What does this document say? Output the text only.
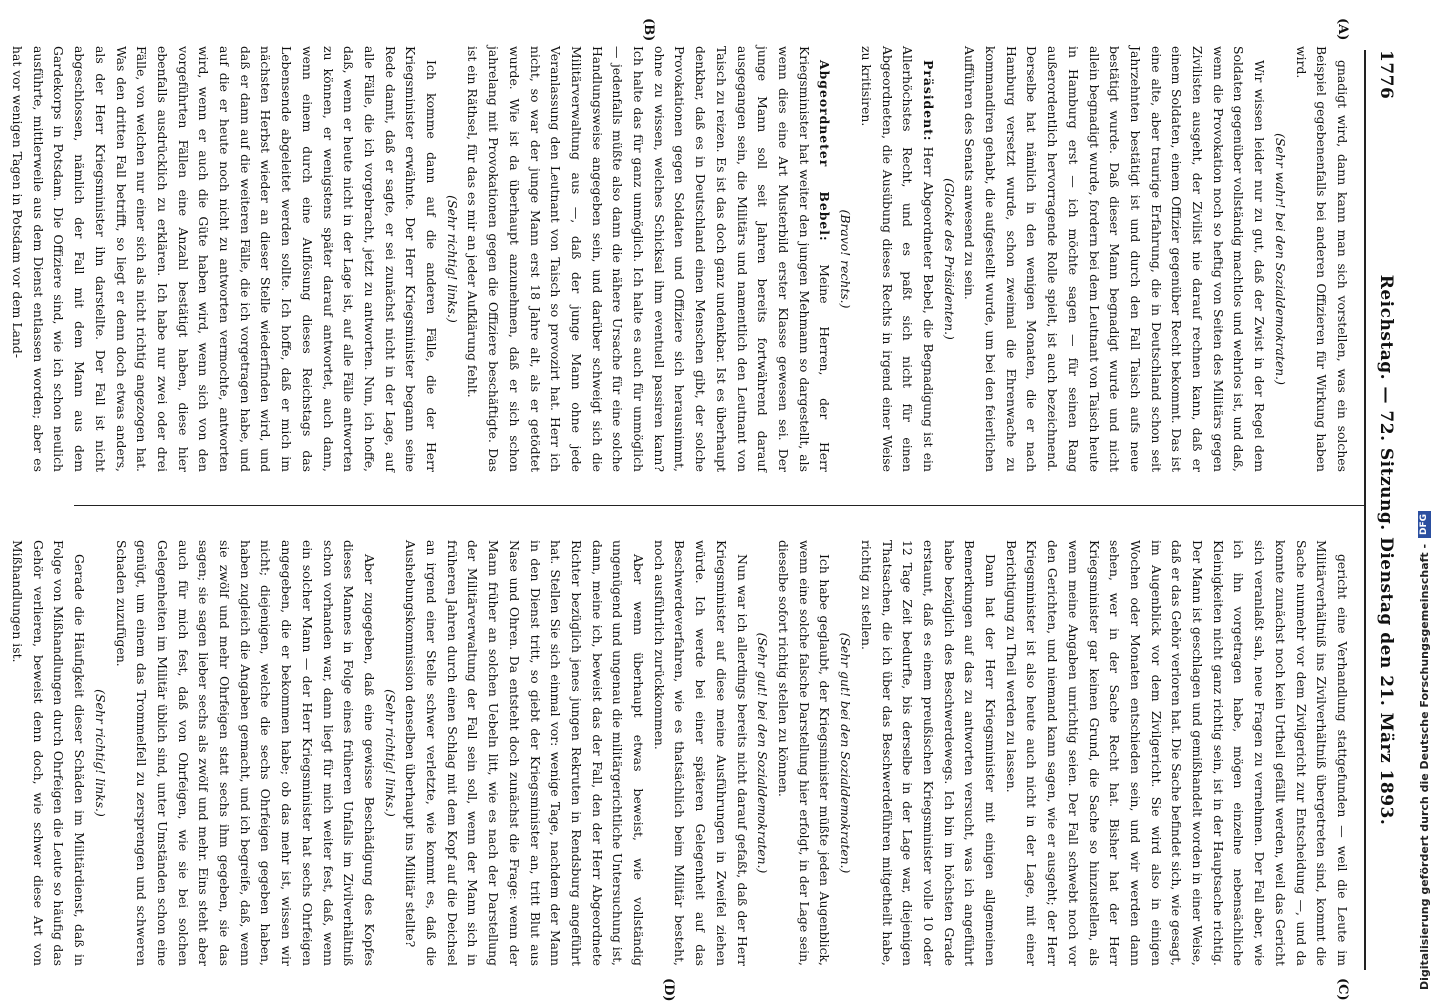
1776
Reichstag. — 72. Sitzung. Dienstag den 21. März 1893.
(A)
(B)
(C)
(D)

gnadigt wird, dann kann man sich vorstellen, was ein solches Beispiel gegebenenfalls bei anderen Offizieren für Wirkung haben wird.

(Sehr wahr! bei den Sozialdemokraten.)

Wir wissen leider nur zu gut, daß der Zwist in der Regel dem Soldaten gegenüber vollständig machtlos und wehrlos ist, und daß, wenn die Provokation noch so heftig von Seiten des Militärs gegen Zivilisten ausgeht, der Zivilist nie darauf rechnen kann, daß er einem Soldaten, einem Offizier gegenüber Recht bekommt. Das ist eine alte, aber traurige Erfahrung, die in Deutschland schon seit Jahrzehnten bestätigt ist und durch den Fall Taisch aufs neue bestätigt wurde. Daß dieser Mann begnadigt wurde und nicht allein begnadigt wurde, fordern bei dem Leutnant von Taisch heute in Hamburg erst — ich möchte sagen — für seinen Rang außerordentlich hervorragende Rolle spielt, ist auch bezeichnend. Derselbe hat nämlich in den wenigen Monaten, die er nach Hamburg versetzt wurde, schon zweimal die Ehrenwache zu kommandiren gehabt, die aufgestellt wurde, um bei den feierlichen Aufführen des Senats anwesend zu sein.

(Glocke des Präsidenten.)

Präsident: Herr Abgeordneter Bebel, die Begnadigung ist ein Allerhöchstes Recht, und es paßt sich nicht für einen Abgeordneten, die Ausübung dieses Rechts in irgend einer Weise zu kritisiren.

(Bravo! rechts.)

Abgeordneter Bebel: Meine Herren, der Herr Kriegsminister hat weiter den jungen Mehmann so dargestellt, als wenn dies eine Art Musterbild erster Klasse gewesen sei. Der junge Mann soll seit Jahren bereits fortwährend darauf ausgegangen sein, die Militärs und namentlich den Leutnant von Taisch zu reizen. Es ist das doch ganz undenkbar. Ist es überhaupt denkbar, daß es in Deutschland einen Menschen gibt, der solche Provokationen gegen Soldaten und Offiziere sich herausnimmt, ohne zu wissen, welches Schicksal ihm eventuell passiren kann? Ich halte das für ganz unmöglich. Ich halte es auch für unmöglich — jedenfalls müßte also dann die nähere Ursache für eine solche Handlungsweise angegeben sein, und darüber schweigt sich die Militärverwaltung aus —, daß der junge Mann ohne jede Veranlassung den Leutnant von Taisch so provozirt hat. Herr ich nicht, so war der junge Mann erst 18 Jahre alt, als er getödtet wurde. Wie ist da überhaupt anzunehmen, daß er sich schon jahrelang mit Provokationen gegen die Offiziere beschäftigte. Das ist ein Räthsel, für das es mir an jeder Aufklärung fehlt.

(Sehr richtig! links.)

Ich komme dann auf die anderen Fälle, die der Herr Kriegsminister erwähnte. Der Herr Kriegsminister begann seine Rede damit, daß er sagte, er sei zunächst nicht in der Lage, auf alle Fälle, die ich vorgebracht, jetzt zu antworten. Nun, ich hoffe, daß, wenn er heute nicht in der Lage ist, auf alle Fälle antworten zu können, er wenigstens später darauf antwortet, auch dann, wenn einem durch eine Auflösung dieses Reichstags das Lebensende abgeleitet werden sollte. Ich hoffe, daß er mich im nächsten Herbst wieder an dieser Stelle wiederfinden wird, und daß er dann auf die weiteren Fälle, die ich vorgetragen habe, und auf die er heute noch nicht zu antworten vermochte, antworten wird, wenn er auch die Güte haben wird, wenn sich von den vorgeführten Fällen eine Anzahl bestätigt haben, diese hier ebenfalls ausdrücklich zu erklären. Ich habe nur zwei oder drei Fälle, von welchen nur einer sich als nicht richtig angezogen hat. Was den dritten Fall betrifft, so liegt er denn doch etwas anders, als der Herr Kriegsminister ihn darstellte. Der Fall ist nicht abgeschlossen, nämlich der Fall mit dem Mann aus dem Gardekorps in Potsdam. Die Offiziere sind, wie ich schon neulich ausführte, mittlerweile aus dem Dienst entlassen worden; aber es hat vor wenigen Tagen in Potsdam vor dem Land-

gericht eine Verhandlung stattgefunden — weil die Leute im Militärverhältniß ins Zivilverhältniß übergetreten sind, kommt die Sache nunmehr vor dem Zivilgericht zur Entscheidung —, und da konnte zunächst noch kein Urtheil gefällt werden, weil das Gericht sich veranlaßt sah, neue Fragen zu vernehmen. Der Fall aber, wie ich ihn vorgetragen habe, mögen einzelne nebensächliche Kleinigkeiten nicht ganz richtig sein, ist in der Hauptsache richtig. Der Mann ist geschlagen und gemißhandelt worden in einer Weise, daß er das Gehör verloren hat. Die Sache befindet sich, wie gesagt, im Augenblick vor dem Zivilgericht. Sie wird also in einigen Wochen oder Monaten entschieden sein, und wir werden dann sehen, wer in der Sache Recht hat. Bisher hat der Herr Kriegsminister gar keinen Grund, die Sache so hinzustellen, als wenn meine Angaben unrichtig seien. Der Fall schwebt noch vor den Gerichten, und niemand kann sagen, wie er ausgeht; der Herr Kriegsminister ist also heute auch nicht in der Lage, mit einer Berichtigung zu Theil werden zu lassen.

Dann hat der Herr Kriegsminister mit einigen allgemeinen Bemerkungen auf das zu antworten versucht, was ich angeführt habe bezüglich des Beschwerdewegs. Ich bin im höchsten Grade erstaunt, daß es einem preußischen Kriegsminister volle 10 oder 12 Tage Zeit bedurfte, bis derselbe in der Lage war, diejenigen Thatsachen, die ich über das Beschwerdeführen mitgetheilt habe, richtig zu stellen.

(Sehr gut! bei den Sozialdemokraten.)

Ich habe geglaubt, der Kriegsminister müßte jeden Augenblick, wenn eine solche falsche Darstellung hier erfolgt, in der Lage sein, dieselbe sofort richtig stellen zu können.

(Sehr gut! bei den Sozialdemokraten.)

Nun war ich allerdings bereits nicht darauf gefaßt, daß der Herr Kriegsminister auf diese meine Ausführungen in Zweifel ziehen würde. Ich werde bei einer späteren Gelegenheit auf das Beschwerdeverfahren, wie es thatsächlich beim Militär besteht, noch ausführlich zurückkommen.

Aber wenn überhaupt etwas beweist, wie vollständig ungenügend und ungenau die militärgerichtliche Untersuchung ist, dann, meine ich, beweist das der Fall, den der Herr Abgeordnete Richter bezüglich jenes jungen Rekruten in Rendsburg angeführt hat. Stellen Sie sich einmal vor: wenige Tage, nachdem der Mann in den Dienst tritt, so giebt der Kriegsminister an, tritt Blut aus Nase und Ohren. Da entsteht doch zunächst die Frage: wenn der Mann früher an solchen Uebeln litt, wie es nach der Darstellung der Militärverwaltung der Fall sein soll, wenn der Mann sich in früheren Jahren durch einen Schlag mit dem Kopf auf die Deichsel an irgend einer Stelle schwer verletzte, wie kommt es, daß die Aushebungskommission denselben überhaupt ins Militär stellte?

(Sehr richtig! links.)

Aber zugegeben, daß eine gewisse Beschädigung des Kopfes dieses Mannes in Folge eines früheren Unfalls im Zivilverhältniß schon vorhanden war, dann liegt für mich weiter fest, daß, wenn ein solcher Mann — der Herr Kriegsminister hat sechs Ohrfeigen angegeben, die er bekommen habe; ob das mehr ist, wissen wir nicht; diejenigen, welche die sechs Ohrfeigen gegeben haben, haben zugleich die Angaben gemacht, und ich begreife, daß, wenn sie zwölf und mehr Ohrfeigen statt sechs ihm gegeben, sie das sagen; sie sagen lieber sechs als zwölf und mehr. Eins steht aber auch für mich fest, daß von Ohrfeigen, wie sie bei solchen Gelegenheiten im Militär üblich sind, unter Umständen schon eine genügt, um einem das Trommelfell zu zersprengen und schweren Schaden zuzufügen.

(Sehr richtig! links.)

Gerade die Häufigkeit dieser Schäden im Militärdienst, daß in Folge von Mißhandlungen durch Ohrfeigen die Leute so häufig das Gehör verlieren, beweist denn doch, wie schwer diese Art von Mißhandlungen ist.	Digitalisierung gefördert durch die Deutsche Forschungsgemeinschaft -
DFG
